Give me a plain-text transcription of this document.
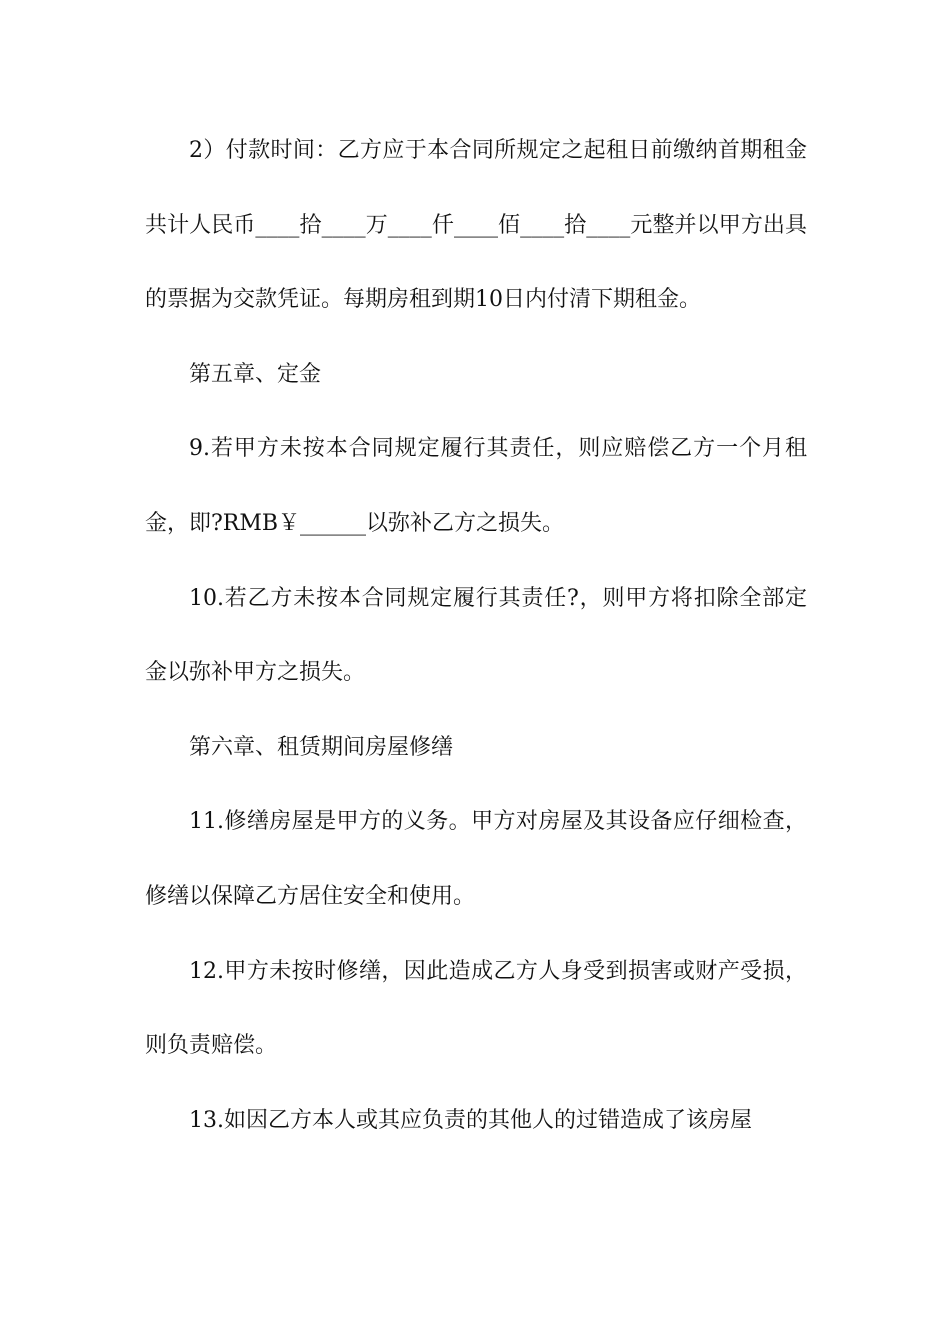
2）付款时间：乙方应于本合同所规定之起租日前缴纳首期租金共计人民币____拾____万____仟____佰____拾____元整并以甲方出具的票据为交款凭证。每期房租到期10日内付清下期租金。

第五章、定金

9.若甲方未按本合同规定履行其责任，则应赔偿乙方一个月租金，即?RMB￥______以弥补乙方之损失。

10.若乙方未按本合同规定履行其责任?，则甲方将扣除全部定金以弥补甲方之损失。

第六章、租赁期间房屋修缮

11.修缮房屋是甲方的义务。甲方对房屋及其设备应仔细检查，修缮以保障乙方居住安全和使用。

12.甲方未按时修缮，因此造成乙方人身受到损害或财产受损，则负责赔偿。

13.如因乙方本人或其应负责的其他人的过错造成了该房屋
